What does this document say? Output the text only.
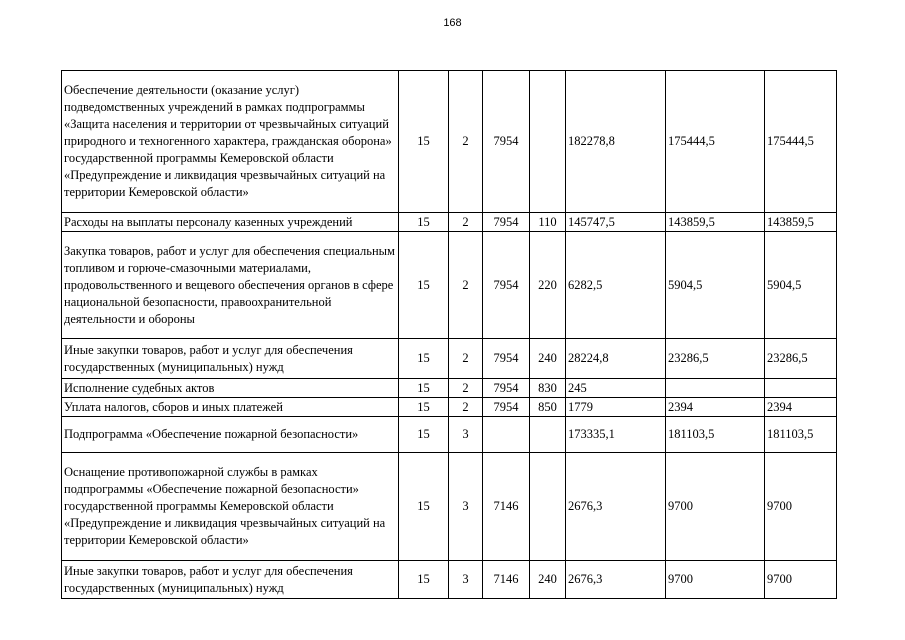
168
Обеспечение деятельности (оказание услуг) подведомственных учреждений в рамках подпрограммы «Защита населения и территории от чрезвычайных ситуаций природного и техногенного характера, гражданская оборона» государственной программы Кемеровской области «Предупреждение и ликвидация чрезвычайных ситуаций на территории Кемеровской области»	15	2	7954		182278,8	175444,5	175444,5
Расходы на выплаты персоналу казенных учреждений	15	2	7954	110	145747,5	143859,5	143859,5
Закупка товаров, работ и услуг для обеспечения специальным топливом и горюче-смазочными материалами, продовольственного и вещевого обеспечения органов в сфере национальной безопасности, правоохранительной деятельности и обороны	15	2	7954	220	6282,5	5904,5	5904,5
Иные закупки товаров, работ и услуг для обеспечения государственных (муниципальных) нужд	15	2	7954	240	28224,8	23286,5	23286,5
Исполнение судебных актов	15	2	7954	830	245		
Уплата налогов, сборов и иных платежей	15	2	7954	850	1779	2394	2394
Подпрограмма «Обеспечение пожарной безопасности»	15	3			173335,1	181103,5	181103,5
Оснащение противопожарной службы в рамках подпрограммы «Обеспечение пожарной безопасности» государственной программы Кемеровской области «Предупреждение и ликвидация чрезвычайных ситуаций на территории Кемеровской области»	15	3	7146		2676,3	9700	9700
Иные закупки товаров, работ и услуг для обеспечения государственных (муниципальных) нужд	15	3	7146	240	2676,3	9700	9700
